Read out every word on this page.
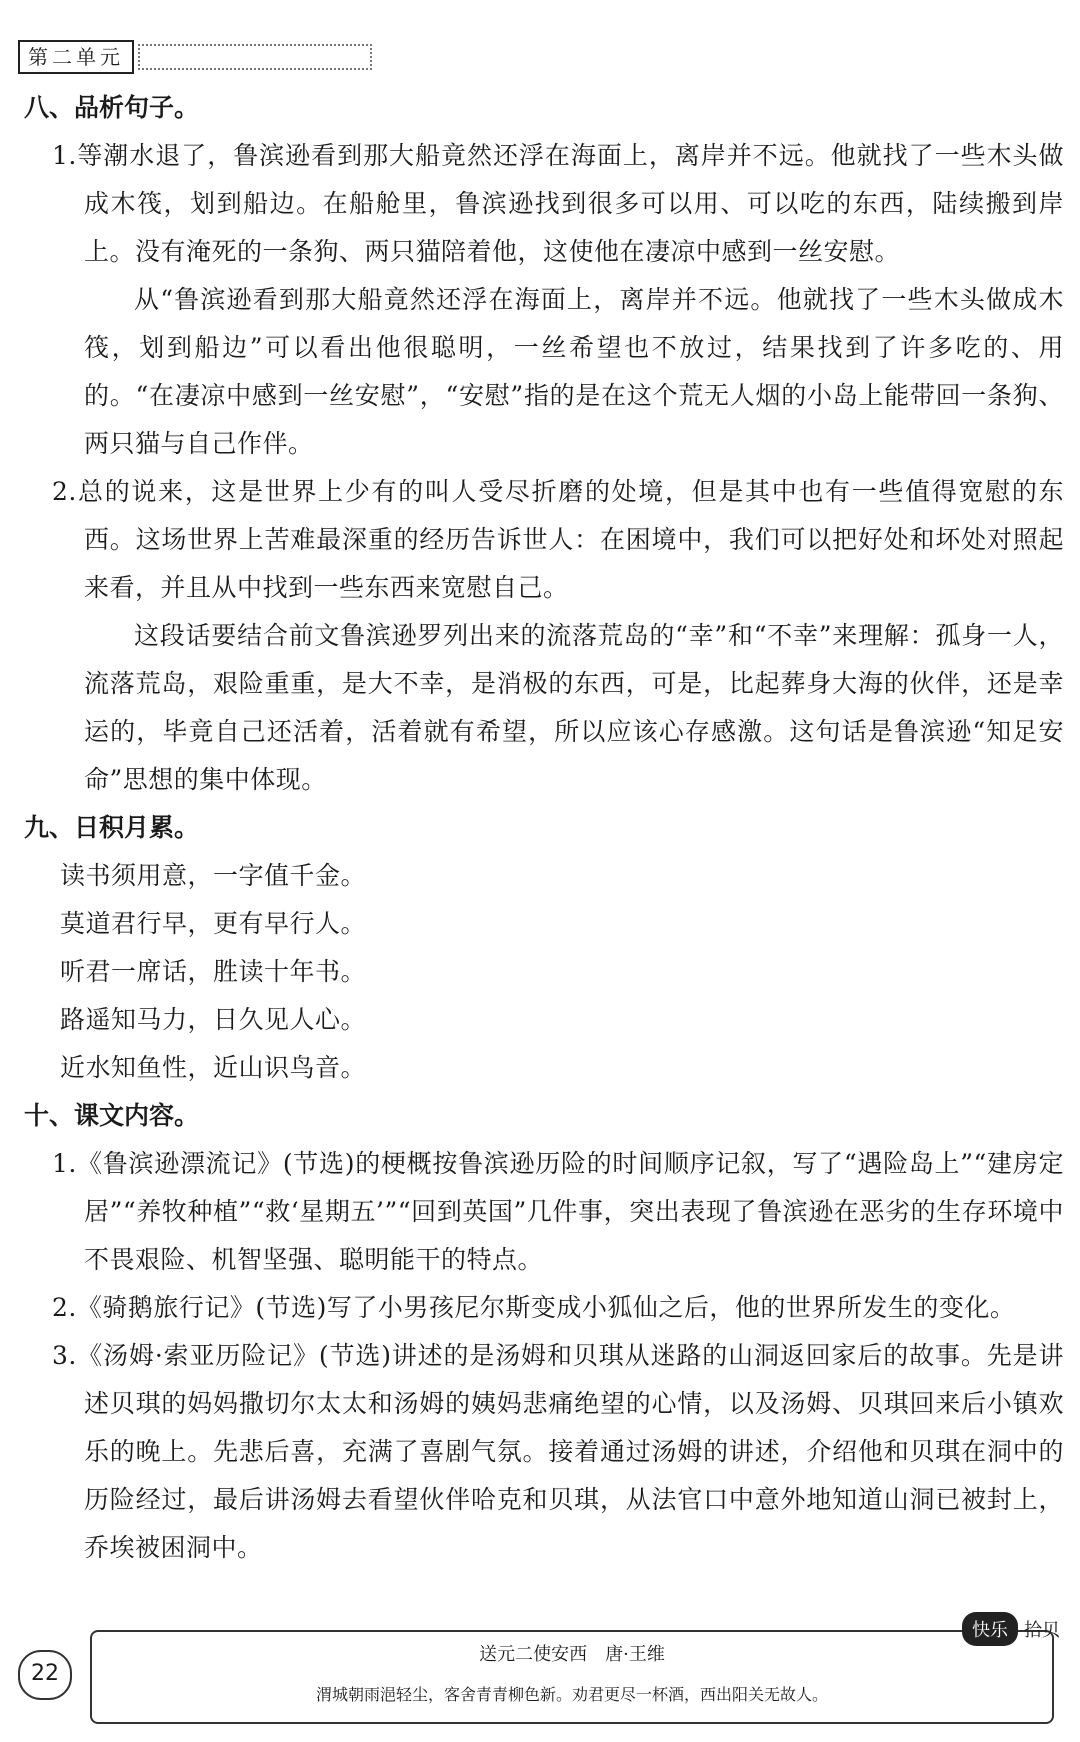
第二单元
八、品析句子。

1.等潮水退了，鲁滨逊看到那大船竟然还浮在海面上，离岸并不远。他就找了一些木头做成木筏，划到船边。在船舱里，鲁滨逊找到很多可以用、可以吃的东西，陆续搬到岸上。没有淹死的一条狗、两只猫陪着他，这使他在凄凉中感到一丝安慰。

从“鲁滨逊看到那大船竟然还浮在海面上，离岸并不远。他就找了一些木头做成木筏，划到船边”可以看出他很聪明，一丝希望也不放过，结果找到了许多吃的、用的。“在凄凉中感到一丝安慰”，“安慰”指的是在这个荒无人烟的小岛上能带回一条狗、两只猫与自己作伴。

2.总的说来，这是世界上少有的叫人受尽折磨的处境，但是其中也有一些值得宽慰的东西。这场世界上苦难最深重的经历告诉世人：在困境中，我们可以把好处和坏处对照起来看，并且从中找到一些东西来宽慰自己。

这段话要结合前文鲁滨逊罗列出来的流落荒岛的“幸”和“不幸”来理解：孤身一人，流落荒岛，艰险重重，是大不幸，是消极的东西，可是，比起葬身大海的伙伴，还是幸运的，毕竟自己还活着，活着就有希望，所以应该心存感激。这句话是鲁滨逊“知足安命”思想的集中体现。

九、日积月累。

读书须用意，一字值千金。

莫道君行早，更有早行人。

听君一席话，胜读十年书。

路遥知马力，日久见人心。

近水知鱼性，近山识鸟音。

十、课文内容。

1.《鲁滨逊漂流记》(节选)的梗概按鲁滨逊历险的时间顺序记叙，写了“遇险岛上”“建房定居”“养牧种植”“救‘星期五’”“回到英国”几件事，突出表现了鲁滨逊在恶劣的生存环境中不畏艰险、机智坚强、聪明能干的特点。

2.《骑鹅旅行记》(节选)写了小男孩尼尔斯变成小狐仙之后，他的世界所发生的变化。

3.《汤姆·索亚历险记》(节选)讲述的是汤姆和贝琪从迷路的山洞返回家后的故事。先是讲述贝琪的妈妈撒切尔太太和汤姆的姨妈悲痛绝望的心情，以及汤姆、贝琪回来后小镇欢乐的晚上。先悲后喜，充满了喜剧气氛。接着通过汤姆的讲述，介绍他和贝琪在洞中的历险经过，最后讲汤姆去看望伙伴哈克和贝琪，从法官口中意外地知道山洞已被封上，乔埃被困洞中。

22
送元二使安西　唐·王维
渭城朝雨浥轻尘，客舍青青柳色新。劝君更尽一杯酒，西出阳关无故人。
快乐 拾贝
